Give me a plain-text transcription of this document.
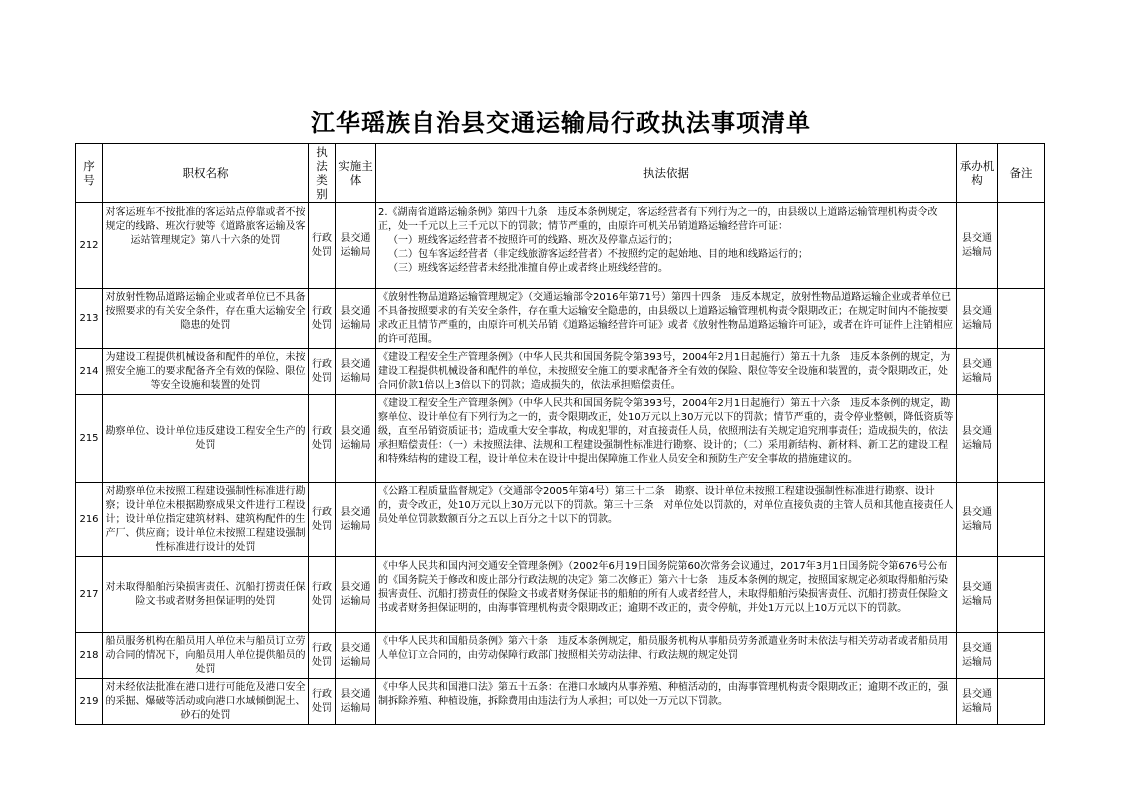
江华瑶族自治县交通运输局行政执法事项清单
序号	职权名称	执法类别	实施主体	执法依据	承办机构	备注
212	对客运班车不按批准的客运站点停靠或者不按规定的线路、班次行驶等《道路旅客运输及客运站管理规定》第八十六条的处罚	行政处罚	县交通运输局	2.《湖南省道路运输条例》第四十九条　违反本条例规定，客运经营者有下列行为之一的，由县级以上道路运输管理机构责令改正，处一千元以上三千元以下的罚款；情节严重的，由原许可机关吊销道路运输经营许可证：

（一）班线客运经营者不按照许可的线路、班次及停靠点运行的；
（二）包车客运经营者（非定线旅游客运经营者）不按照约定的起始地、目的地和线路运行的；
（三）班线客运经营者未经批准擅自停止或者终止班线经营的。	县交通运输局	
213	对放射性物品道路运输企业或者单位已不具备按照要求的有关安全条件，存在重大运输安全隐患的处罚	行政处罚	县交通运输局	《放射性物品道路运输管理规定》（交通运输部令2016年第71号）第四十四条　违反本规定，放射性物品道路运输企业或者单位已不具备按照要求的有关安全条件，存在重大运输安全隐患的，由县级以上道路运输管理机构责令限期改正；在规定时间内不能按要求改正且情节严重的，由原许可机关吊销《道路运输经营许可证》或者《放射性物品道路运输许可证》，或者在许可证件上注销相应的许可范围。	县交通运输局	
214	为建设工程提供机械设备和配件的单位，未按照安全施工的要求配备齐全有效的保险、限位等安全设施和装置的处罚	行政处罚	县交通运输局	《建设工程安全生产管理条例》（中华人民共和国国务院令第393号，2004年2月1日起施行）第五十九条　违反本条例的规定，为建设工程提供机械设备和配件的单位，未按照安全施工的要求配备齐全有效的保险、限位等安全设施和装置的，责令限期改正，处合同价款1倍以上3倍以下的罚款；造成损失的，依法承担赔偿责任。	县交通运输局	
215	勘察单位、设计单位违反建设工程安全生产的处罚	行政处罚	县交通运输局	《建设工程安全生产管理条例》（中华人民共和国国务院令第393号，2004年2月1日起施行）第五十六条　违反本条例的规定，勘察单位、设计单位有下列行为之一的，责令限期改正，处10万元以上30万元以下的罚款；情节严重的，责令停业整顿，降低资质等级，直至吊销资质证书；造成重大安全事故，构成犯罪的，对直接责任人员，依照刑法有关规定追究刑事责任；造成损失的，依法承担赔偿责任：（一）未按照法律、法规和工程建设强制性标准进行勘察、设计的；（二）采用新结构、新材料、新工艺的建设工程和特殊结构的建设工程，设计单位未在设计中提出保障施工作业人员安全和预防生产安全事故的措施建议的。	县交通运输局	
216	对勘察单位未按照工程建设强制性标准进行勘察；设计单位未根据勘察成果文件进行工程设计；设计单位指定建筑材料、建筑构配件的生产厂、供应商；设计单位未按照工程建设强制性标准进行设计的处罚	行政处罚	县交通运输局	《公路工程质量监督规定》（交通部令2005年第4号）第三十二条　勘察、设计单位未按照工程建设强制性标准进行勘察、设计的，责令改正，处10万元以上30万元以下的罚款。第三十三条　对单位处以罚款的，对单位直接负责的主管人员和其他直接责任人员处单位罚款数额百分之五以上百分之十以下的罚款。	县交通运输局	
217	对未取得船舶污染损害责任、沉船打捞责任保险文书或者财务担保证明的处罚	行政处罚	县交通运输局	《中华人民共和国内河交通安全管理条例》（2002年6月19日国务院第60次常务会议通过，2017年3月1日国务院令第676号公布的《国务院关于修改和废止部分行政法规的决定》第二次修正）第六十七条　违反本条例的规定，按照国家规定必须取得船舶污染损害责任、沉船打捞责任的保险文书或者财务保证书的船舶的所有人或者经营人，未取得船舶污染损害责任、沉船打捞责任保险文书或者财务担保证明的，由海事管理机构责令限期改正；逾期不改正的，责令停航，并处1万元以上10万元以下的罚款。	县交通运输局	
218	船员服务机构在船员用人单位未与船员订立劳动合同的情况下，向船员用人单位提供船员的处罚	行政处罚	县交通运输局	《中华人民共和国船员条例》第六十条　违反本条例规定，船员服务机构从事船员劳务派遣业务时未依法与相关劳动者或者船员用人单位订立合同的，由劳动保障行政部门按照相关劳动法律、行政法规的规定处罚	县交通运输局	
219	对未经依法批准在港口进行可能危及港口安全的采掘、爆破等活动或向港口水域倾倒泥土、砂石的处罚	行政处罚	县交通运输局	《中华人民共和国港口法》第五十五条：在港口水域内从事养殖、种植活动的，由海事管理机构责令限期改正；逾期不改正的，强制拆除养殖、种植设施，拆除费用由违法行为人承担；可以处一万元以下罚款。	县交通运输局	
